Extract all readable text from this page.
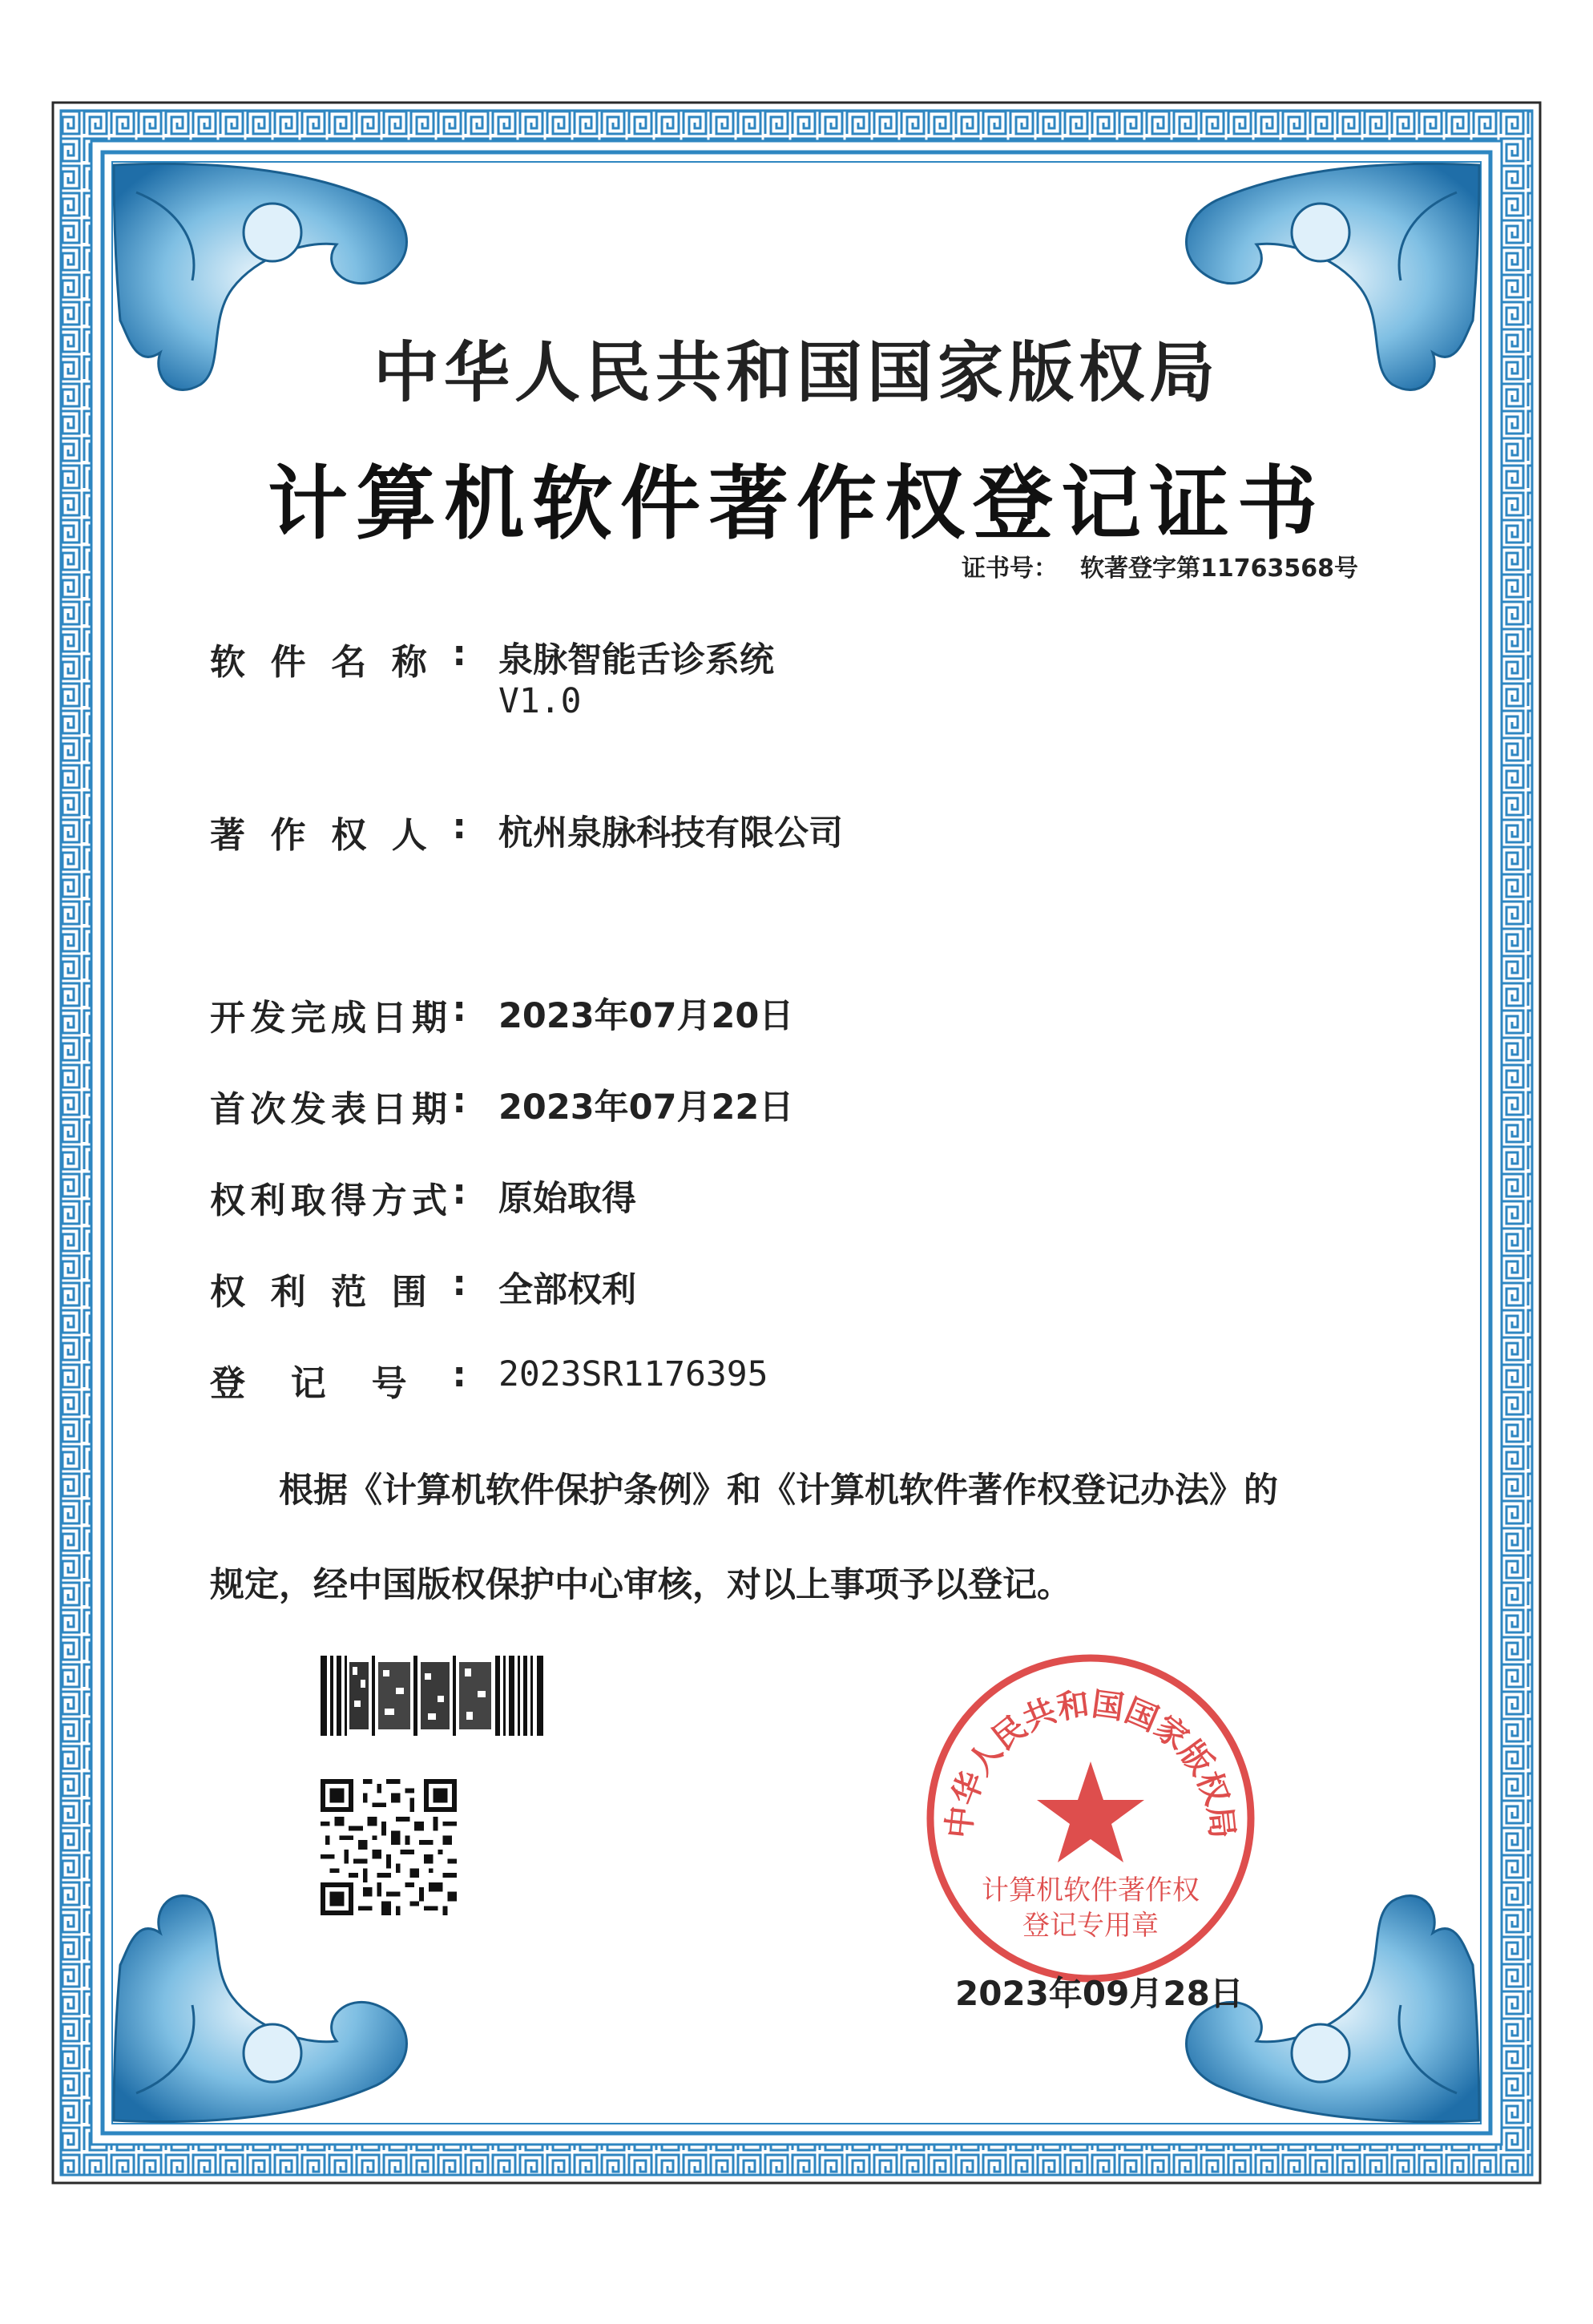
中华人民共和国国家版权局
计算机软件著作权登记证书
证书号： 软著登字第11763568号
软 件 名 称 : 泉脉智能舌诊系统
V1.0
著 作 权 人 : 杭州泉脉科技有限公司
开 发 完 成 日 期 : 2023年07月20日
首 次 发 表 日 期 : 2023年07月22日
权 利 取 得 方 式 : 原始取得
权 利 范 围 : 全部权利
登 记 号 : 2023SR1176395
根据《计算机软件保护条例》和《计算机软件著作权登记办法》的
规定，经中国版权保护中心审核，对以上事项予以登记。
中华人民共和国国家版权局
计算机软件著作权
登记专用章
2023年09月28日
